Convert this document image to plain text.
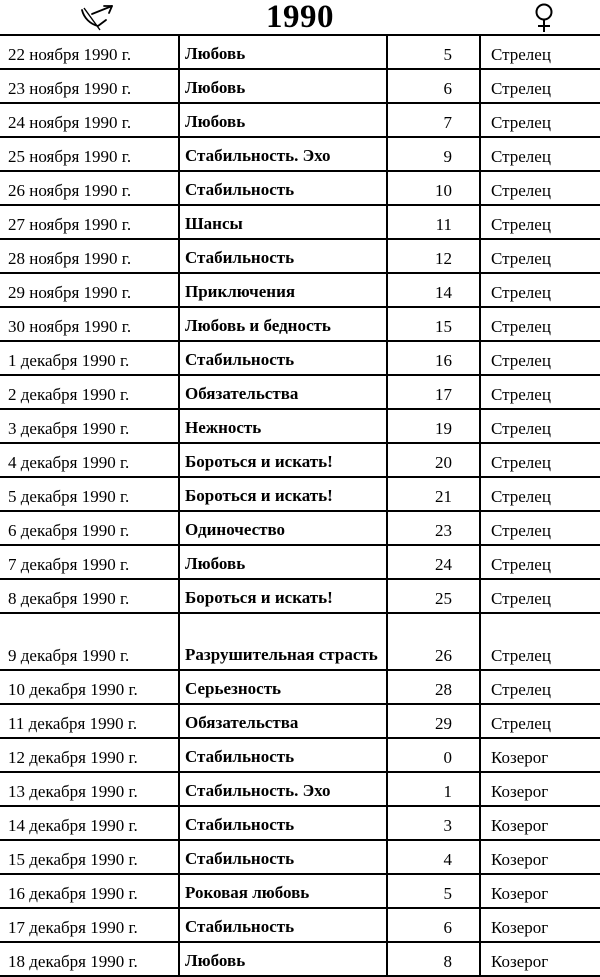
1990
22 ноября 1990 г.	Любовь	5	Стрелец
23 ноября 1990 г.	Любовь	6	Стрелец
24 ноября 1990 г.	Любовь	7	Стрелец
25 ноября 1990 г.	Стабильность. Эхо	9	Стрелец
26 ноября 1990 г.	Стабильность	10	Стрелец
27 ноября 1990 г.	Шансы	11	Стрелец
28 ноября 1990 г.	Стабильность	12	Стрелец
29 ноября 1990 г.	Приключения	14	Стрелец
30 ноября 1990 г.	Любовь и бедность	15	Стрелец
1 декабря 1990 г.	Стабильность	16	Стрелец
2 декабря 1990 г.	Обязательства	17	Стрелец
3 декабря 1990 г.	Нежность	19	Стрелец
4 декабря 1990 г.	Бороться и искать!	20	Стрелец
5 декабря 1990 г.	Бороться и искать!	21	Стрелец
6 декабря 1990 г.	Одиночество	23	Стрелец
7 декабря 1990 г.	Любовь	24	Стрелец
8 декабря 1990 г.	Бороться и искать!	25	Стрелец
9 декабря 1990 г.	Разрушительная страсть	26	Стрелец
10 декабря 1990 г.	Серьезность	28	Стрелец
11 декабря 1990 г.	Обязательства	29	Стрелец
12 декабря 1990 г.	Стабильность	0	Козерог
13 декабря 1990 г.	Стабильность. Эхо	1	Козерог
14 декабря 1990 г.	Стабильность	3	Козерог
15 декабря 1990 г.	Стабильность	4	Козерог
16 декабря 1990 г.	Роковая любовь	5	Козерог
17 декабря 1990 г.	Стабильность	6	Козерог
18 декабря 1990 г.	Любовь	8	Козерог
